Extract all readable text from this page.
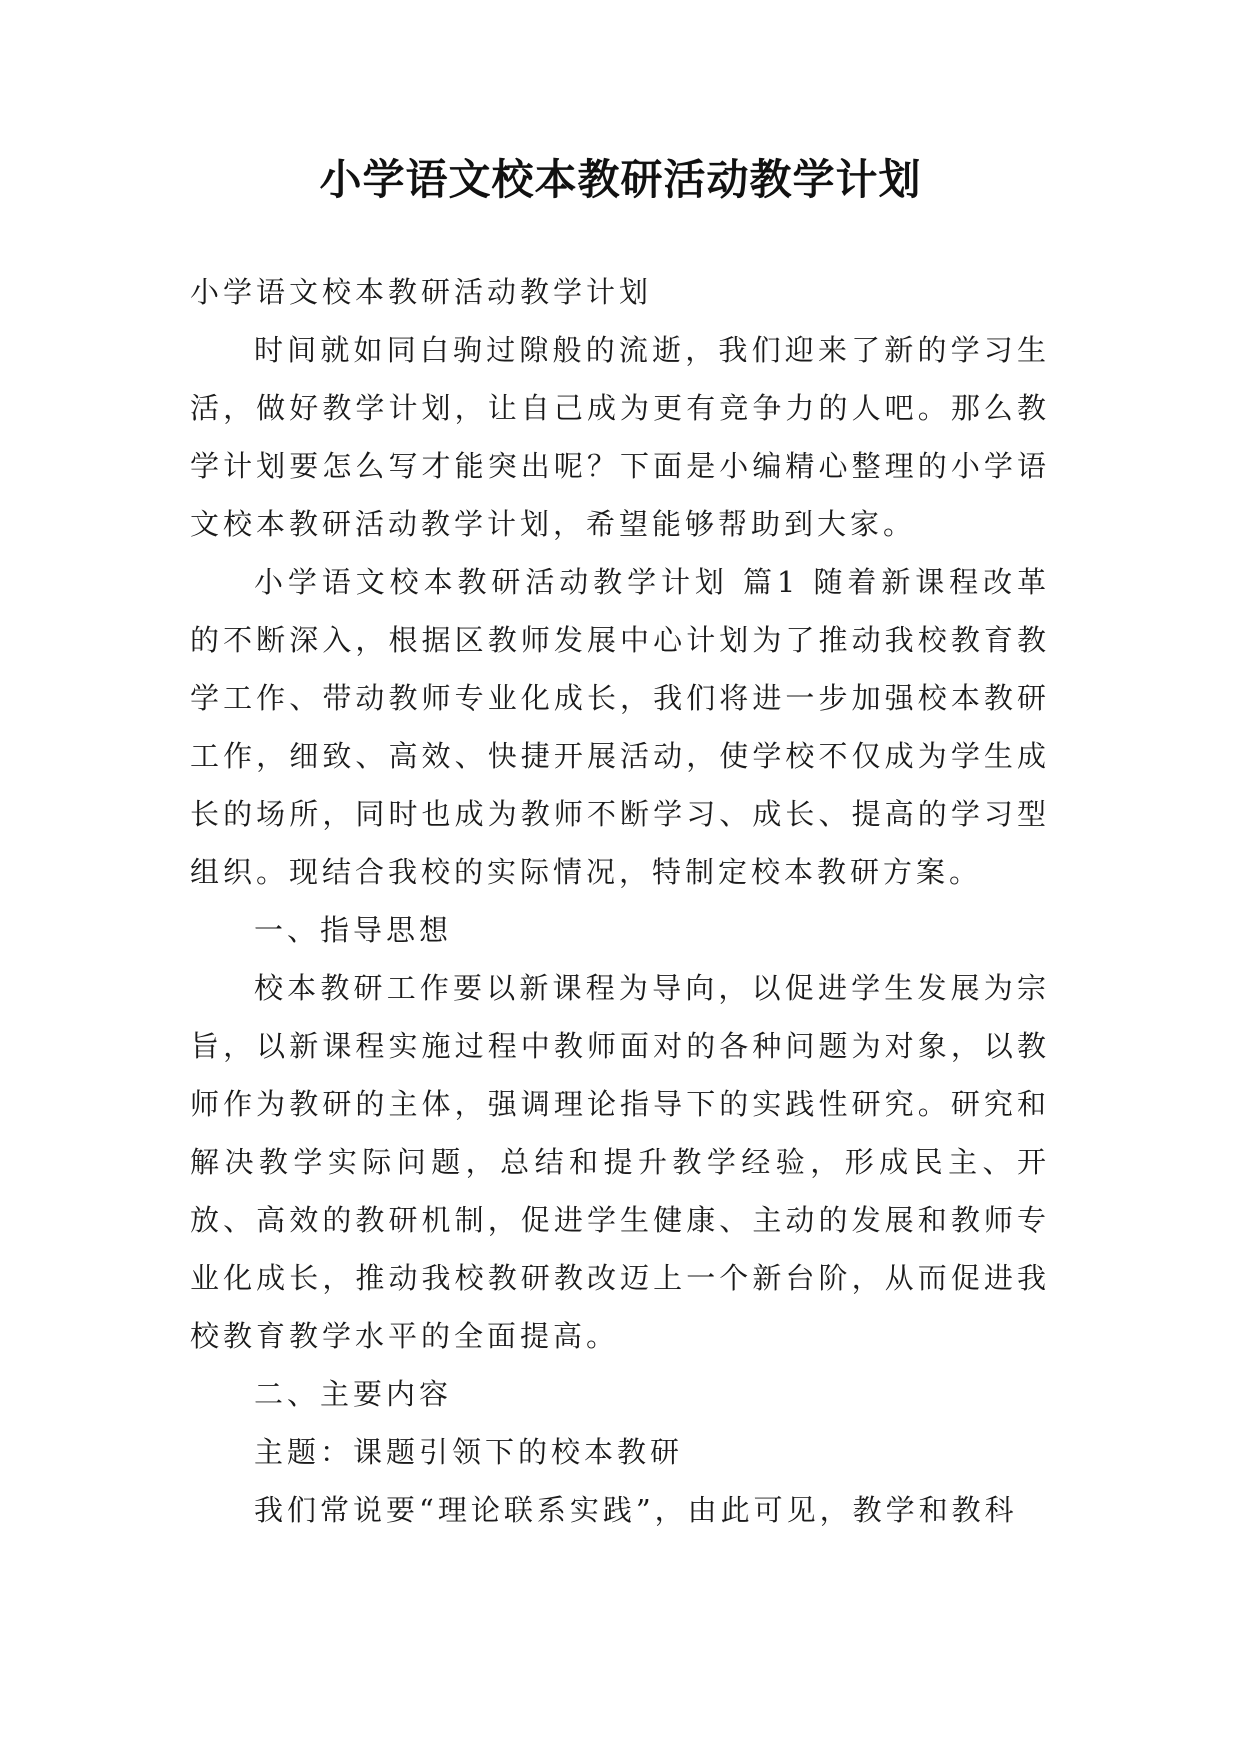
小学语文校本教研活动教学计划

小学语文校本教研活动教学计划

时间就如同白驹过隙般的流逝，我们迎来了新的学习生活，做好教学计划，让自己成为更有竞争力的人吧。那么教学计划要怎么写才能突出呢？下面是小编精心整理的小学语文校本教研活动教学计划，希望能够帮助到大家。

小学语文校本教研活动教学计划 篇1 随着新课程改革的不断深入，根据区教师发展中心计划为了推动我校教育教学工作、带动教师专业化成长，我们将进一步加强校本教研工作，细致、高效、快捷开展活动，使学校不仅成为学生成长的场所，同时也成为教师不断学习、成长、提高的学习型组织。现结合我校的实际情况，特制定校本教研方案。

一、指导思想

校本教研工作要以新课程为导向，以促进学生发展为宗旨，以新课程实施过程中教师面对的各种问题为对象，以教师作为教研的主体，强调理论指导下的实践性研究。研究和解决教学实际问题，总结和提升教学经验，形成民主、开放、高效的教研机制，促进学生健康、主动的发展和教师专业化成长，推动我校教研教改迈上一个新台阶，从而促进我校教育教学水平的全面提高。

二、主要内容

主题：课题引领下的校本教研

我们常说要“理论联系实践”，由此可见，教学和教科
